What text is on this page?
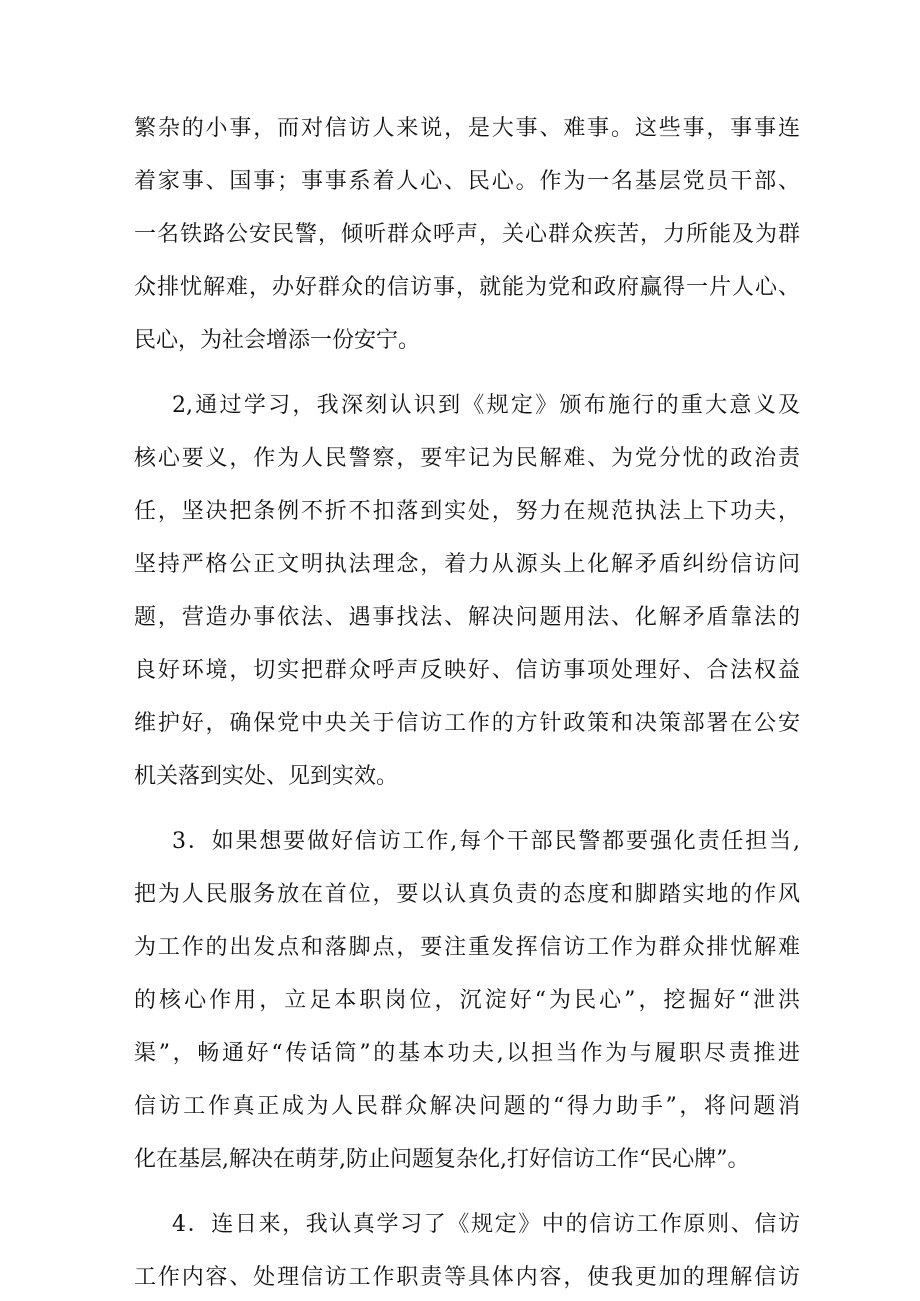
繁杂的小事，而对信访人来说，是大事、难事。这些事，事事连
着家事、国事；事事系着人心、民心。作为一名基层党员干部、
一名铁路公安民警，倾听群众呼声，关心群众疾苦，力所能及为群
众排忧解难，办好群众的信访事，就能为党和政府赢得一片人心、
民心，为社会增添一份安宁。
2,通过学习，我深刻认识到《规定》颁布施行的重大意义及
核心要义，作为人民警察，要牢记为民解难、为党分忧的政治责
任，坚决把条例不折不扣落到实处，努力在规范执法上下功夫，
坚持严格公正文明执法理念，着力从源头上化解矛盾纠纷信访问
题，营造办事依法、遇事找法、解决问题用法、化解矛盾靠法的
良好环境，切实把群众呼声反映好、信访事项处理好、合法权益
维护好，确保党中央关于信访工作的方针政策和决策部署在公安
机关落到实处、见到实效。
3．如果想要做好信访工作,每个干部民警都要强化责任担当,
把为人民服务放在首位，要以认真负责的态度和脚踏实地的作风
为工作的出发点和落脚点，要注重发挥信访工作为群众排忧解难
的核心作用，立足本职岗位，沉淀好“为民心”，挖掘好“泄洪
渠”，畅通好“传话筒”的基本功夫,以担当作为与履职尽责推进
信访工作真正成为人民群众解决问题的“得力助手”，将问题消
化在基层,解决在萌芽,防止问题复杂化,打好信访工作“民心牌”。
4．连日来，我认真学习了《规定》中的信访工作原则、信访
工作内容、处理信访工作职责等具体内容，使我更加的理解信访
